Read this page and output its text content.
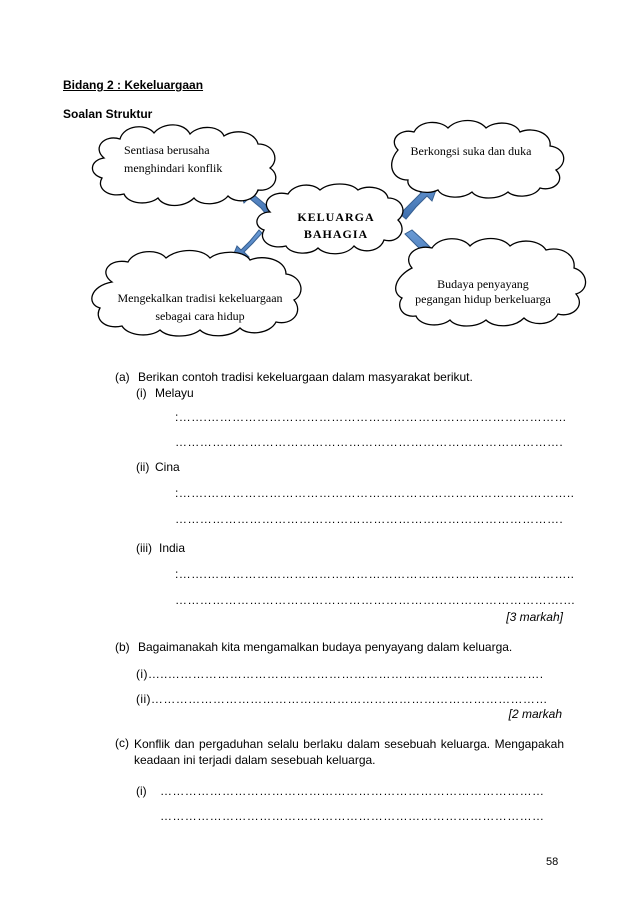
Bidang 2 : Kekeluargaan
Soalan Struktur
Sentiasa berusaha
menghindari konflik
Berkongsi suka dan duka
KELUARGA
BAHAGIA
Mengekalkan tradisi kekeluargaan
sebagai cara hidup
Budaya penyayang
pegangan hidup berkeluarga
(a) Berikan contoh tradisi kekeluargaan dalam masyarakat berikut.
(i) Melayu
:…….……………………………………………………………………………
………………………………………………………………………………….
(ii) Cina
:…….……………………………………………………………………………..
………………………………………………………………………………….
(iii) India
:…….……………………………………………………………………………..
………………………………………………………………………………….…
[3 markah]
(b) Bagaimanakah kita mengamalkan budaya penyayang dalam keluarga.
(i)…..……………………………………………………………………………….
(ii)……………………………………………………………………………………
[2 markah
(c) Konflik dan pergaduhan selalu berlaku dalam sesebuah keluarga. Mengapakah keadaan ini terjadi dalam sesebuah keluarga.
(i) …………………………………………………………………………………
…………………………………………………………………………………
58
